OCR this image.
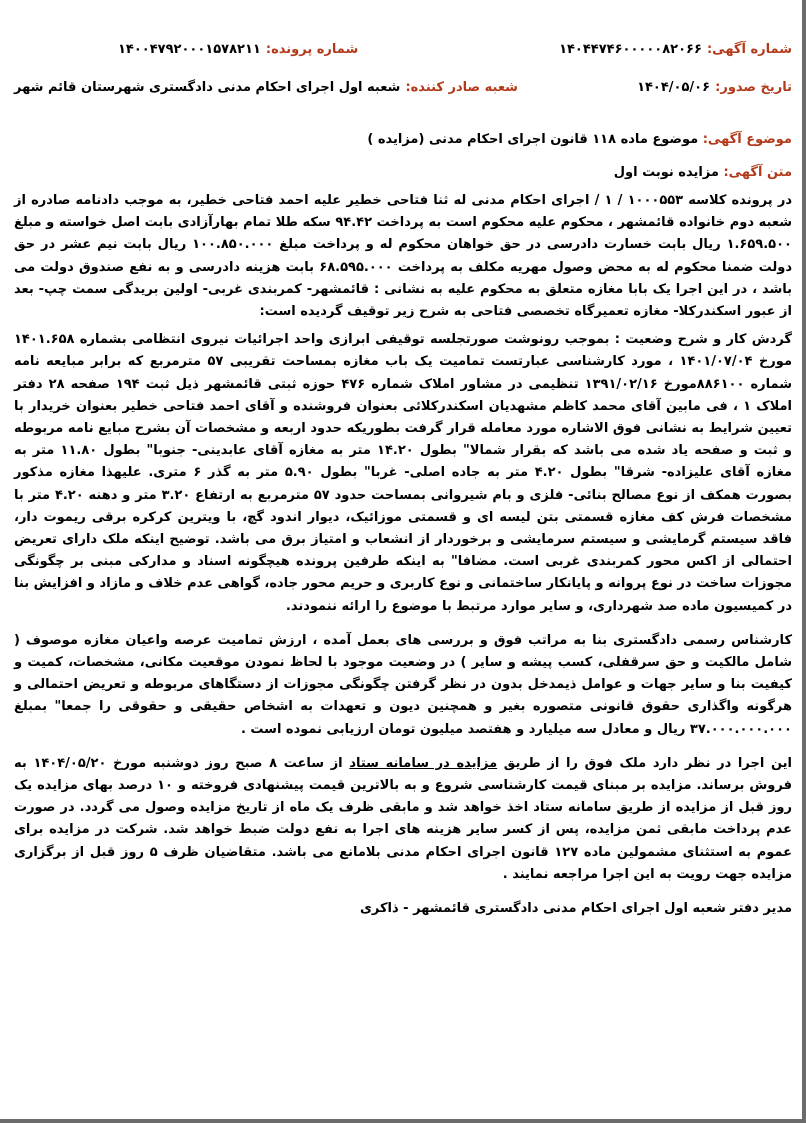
شماره آگهی: ۱۴۰۴۴۷۴۶۰۰۰۰۰۸۲۰۶۶
شماره پرونده: ۱۴۰۰۴۷۹۲۰۰۰۱۵۷۸۲۱۱
تاریخ صدور: ۱۴۰۴/۰۵/۰۶
شعبه صادر کننده: شعبه اول اجرای احکام مدنی دادگستری شهرستان قائم شهر
موضوع آگهی: موضوع ماده ۱۱۸ قانون اجرای احکام مدنی (مزایده )
متن آگهی: مزایده نوبت اول
در پرونده کلاسه ۱۰۰۰۵۵۳ / ۱ / اجرای احکام مدنی له ثنا فتاحی خطیر علیه احمد فتاحی خطیر، به موجب دادنامه صادره از شعبه دوم خانواده قائمشهر ، محکوم علیه محکوم است به پرداخت ۹۴.۴۲ سکه طلا تمام بهارآزادی بابت اصل خواسته و مبلغ ۱.۶۵۹.۵۰۰ ریال بابت خسارت دادرسی در حق خواهان محکوم له و پرداخت مبلغ ۱۰۰.۸۵۰.۰۰۰ ریال بابت نیم عشر در حق دولت ضمنا محکوم له به محض وصول مهریه مکلف به پرداخت ۶۸.۵۹۵.۰۰۰ بابت هزینه دادرسی و به نفع صندوق دولت می باشد ، در این اجرا یک بابا مغازه متعلق به محکوم علیه به نشانی : قائمشهر- کمربندی غربی- اولین بریدگی سمت چپ- بعد از عبور اسکندرکلا- مغازه تعمیرگاه تخصصی فتاحی به شرح زیر توقیف گردیده است:
گردش کار و شرح وضعیت : بموجب رونوشت صورتجلسه توقیفی ابرازی واحد اجرائیات نیروی انتظامی بشماره ۱۴۰۱.۶۵۸ مورخ ۱۴۰۱/۰۷/۰۴ ، مورد کارشناسی عبارتست تمامیت یک باب مغازه بمساحت تقریبی ۵۷ مترمربع که برابر مبایعه نامه شماره ۸۸۶۱۰۰مورخ ۱۳۹۱/۰۲/۱۶ تنظیمی در مشاور املاک شماره ۴۷۶ حوزه ثبتی قائمشهر ذیل ثبت ۱۹۴ صفحه ۲۸ دفتر املاک ۱ ، فی مابین آقای محمد کاظم مشهدیان اسکندرکلائی بعنوان فروشنده و آقای احمد فتاحی خطیر بعنوان خریدار با تعیین شرایط به نشانی فوق الاشاره مورد معامله قرار گرفت بطوریکه حدود اربعه و مشخصات آن بشرح مبایع نامه مربوطه و ثبت و صفحه یاد شده می باشد که بقرار شمالا" بطول ۱۴.۲۰ متر به مغازه آقای عابدینی- جنوبا" بطول ۱۱.۸۰ متر به مغازه آقای علیزاده- شرقا" بطول ۴.۲۰ متر به جاده اصلی- غربا" بطول ۵.۹۰ متر به گذر ۶ متری. علیهذا مغازه مذکور بصورت همکف از نوع مصالح بنائی- فلزی و بام شیروانی بمساحت حدود ۵۷ مترمربع به ارتفاع ۳.۲۰ متر و دهنه ۴.۲۰ متر با مشخصات فرش کف مغازه قسمتی بتن لیسه ای و قسمتی موزائیک، دیوار اندود گچ، با ویترین کرکره برقی ریموت دار، فاقد سیستم گرمایشی و سیستم سرمایشی و برخوردار از انشعاب و امتیاز برق می باشد. توضیح اینکه ملک دارای تعریض احتمالی از اکس محور کمربندی غربی است. مضافا" به اینکه طرفین پرونده هیچگونه اسناد و مدارکی مبنی بر چگونگی مجوزات ساخت در نوع پروانه و پایانکار ساختمانی و نوع کاربری و حریم محور جاده، گواهی عدم خلاف و مازاد و افزایش بنا در کمیسیون ماده صد شهرداری، و سایر موارد مرتبط با موضوع را ارائه ننمودند.
کارشناس رسمی دادگستری بنا به مراتب فوق و بررسی های بعمل آمده ، ارزش تمامیت عرصه واعیان مغازه موصوف ( شامل مالکیت و حق سرقفلی، کسب پیشه و سایر ) در وضعیت موجود با لحاظ نمودن موقعیت مکانی، مشخصات، کمیت و کیفیت بنا و سایر جهات و عوامل ذیمدخل بدون در نظر گرفتن چگونگی مجوزات از دستگاهای مربوطه و تعریض احتمالی و هرگونه واگذاری حقوق قانونی متصوره بغیر و همچنین دیون و تعهدات به اشخاص حقیقی و حقوقی را جمعا" بمبلغ ۳۷.۰۰۰.۰۰۰.۰۰۰ ریال و معادل سه میلیارد و هفتصد میلیون تومان ارزیابی نموده است .
این اجرا در نظر دارد ملک فوق را از طریق مزایده در سامانه ستاد از ساعت ۸ صبح روز دوشنبه مورخ ۱۴۰۴/۰۵/۲۰ به فروش برساند. مزایده بر مبنای قیمت کارشناسی شروع و به بالاترین قیمت پیشنهادی فروخته و ۱۰ درصد بهای مزایده یک روز قبل از مزایده از طریق سامانه ستاد اخذ خواهد شد و مابقی ظرف یک ماه از تاریخ مزایده وصول می گردد. در صورت عدم پرداخت مابقی ثمن مزایده، پس از کسر سایر هزینه های اجرا به نفع دولت ضبط خواهد شد. شرکت در مزایده برای عموم به استثنای مشمولین ماده ۱۲۷ قانون اجرای احکام مدنی بلامانع می باشد. متقاضیان ظرف ۵ روز قبل از برگزاری مزایده جهت رویت به این اجرا مراجعه نمایند .
مدیر دفتر شعبه اول اجرای احکام مدنی دادگستری قائمشهر - ذاکری
